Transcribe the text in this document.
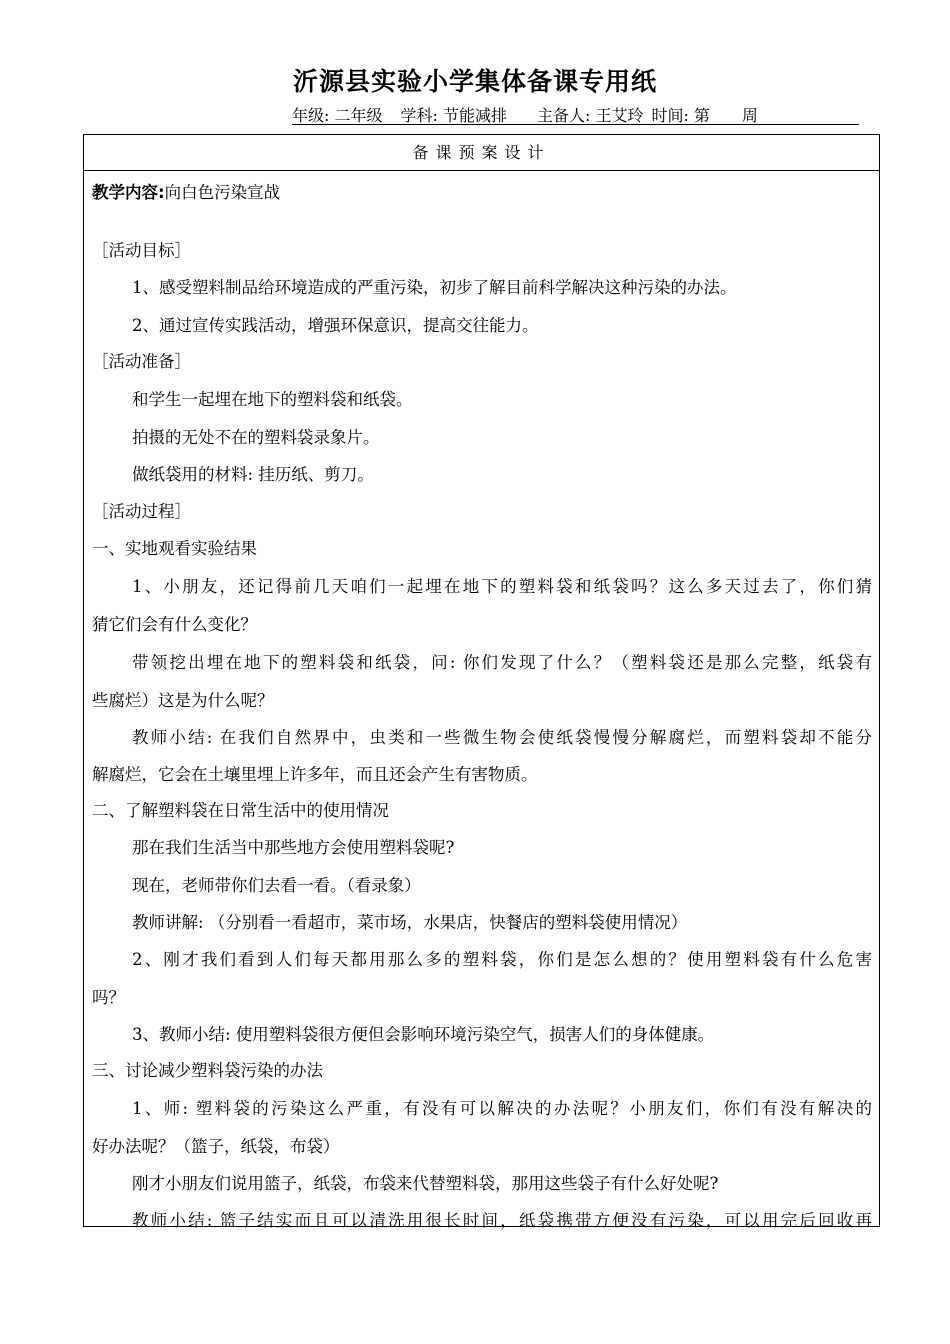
沂源县实验小学集体备课专用纸
年级: 二年级 学科: 节能减排 主备人: 王艾玲 时间: 第　　周
备课预案设计
教学内容:向白色污染宣战
［活动目标］
1、感受塑料制品给环境造成的严重污染，初步了解目前科学解决这种污染的办法。
2、通过宣传实践活动，增强环保意识，提高交往能力。
［活动准备］
和学生一起埋在地下的塑料袋和纸袋。
拍摄的无处不在的塑料袋录象片。
做纸袋用的材料: 挂历纸、剪刀。
［活动过程］
一、实地观看实验结果
1、小朋友，还记得前几天咱们一起埋在地下的塑料袋和纸袋吗？这么多天过去了，你们猜
猜它们会有什么变化？
带领挖出埋在地下的塑料袋和纸袋，问: 你们发现了什么？（塑料袋还是那么完整，纸袋有
些腐烂）这是为什么呢？
教师小结: 在我们自然界中，虫类和一些微生物会使纸袋慢慢分解腐烂，而塑料袋却不能分
解腐烂，它会在土壤里埋上许多年，而且还会产生有害物质。
二、了解塑料袋在日常生活中的使用情况
那在我们生活当中那些地方会使用塑料袋呢?
现在，老师带你们去看一看。（看录象）
教师讲解: （分别看一看超市，菜市场，水果店，快餐店的塑料袋使用情况）
2、刚才我们看到人们每天都用那么多的塑料袋，你们是怎么想的？使用塑料袋有什么危害
吗？
3、教师小结: 使用塑料袋很方便但会影响环境污染空气，损害人们的身体健康。
三、讨论减少塑料袋污染的办法
1、师: 塑料袋的污染这么严重，有没有可以解决的办法呢？小朋友们，你们有没有解决的
好办法呢？（篮子，纸袋，布袋）
刚才小朋友们说用篮子，纸袋，布袋来代替塑料袋，那用这些袋子有什么好处呢?
教师小结: 篮子结实而且可以清洗用很长时间，纸袋携带方便没有污染，可以用完后回收再
